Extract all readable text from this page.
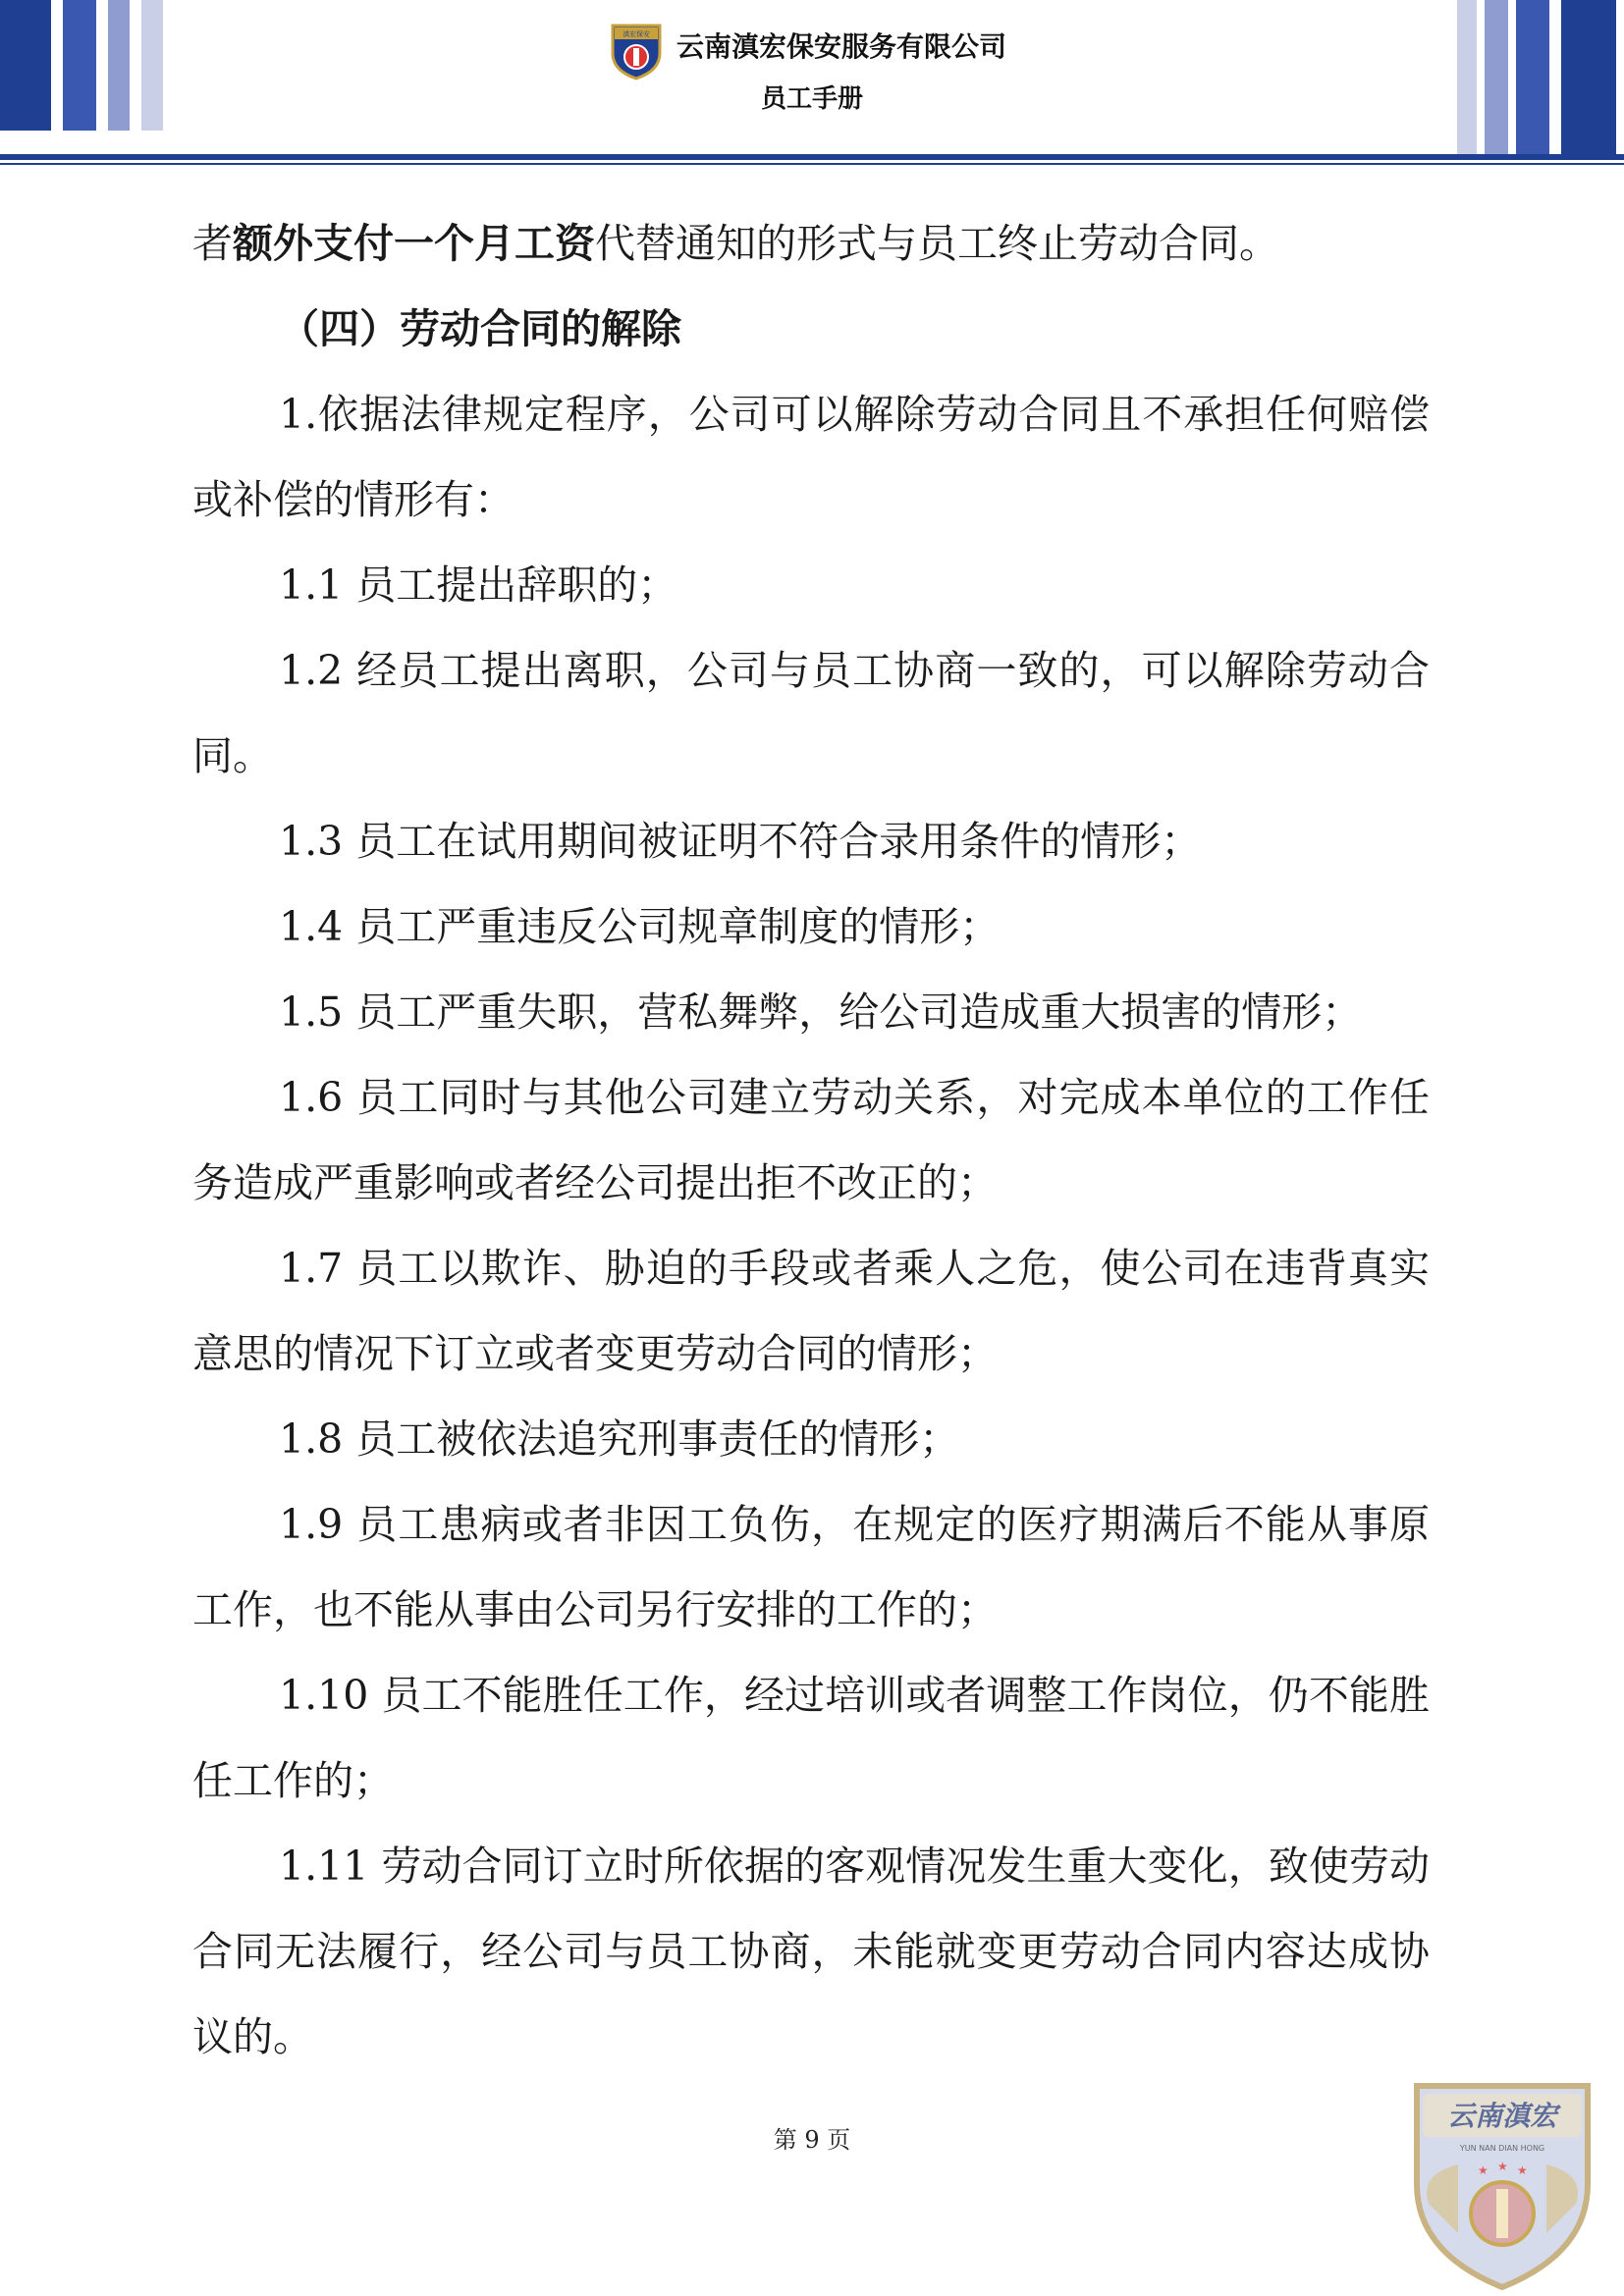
滇宏保安 云南滇宏保安服务有限公司
员工手册

者额外支付一个月工资代替通知的形式与员工终止劳动合同。

（四）劳动合同的解除

1.依据法律规定程序，公司可以解除劳动合同且不承担任何赔偿或补偿的情形有：

1.1 员工提出辞职的；

1.2 经员工提出离职，公司与员工协商一致的，可以解除劳动合同。

1.3 员工在试用期间被证明不符合录用条件的情形；

1.4 员工严重违反公司规章制度的情形；

1.5 员工严重失职，营私舞弊，给公司造成重大损害的情形；

1.6 员工同时与其他公司建立劳动关系，对完成本单位的工作任务造成严重影响或者经公司提出拒不改正的；

1.7 员工以欺诈、胁迫的手段或者乘人之危，使公司在违背真实意思的情况下订立或者变更劳动合同的情形；

1.8 员工被依法追究刑事责任的情形；

1.9 员工患病或者非因工负伤，在规定的医疗期满后不能从事原工作，也不能从事由公司另行安排的工作的；

1.10 员工不能胜任工作，经过培训或者调整工作岗位，仍不能胜任工作的；

1.11 劳动合同订立时所依据的客观情况发生重大变化，致使劳动合同无法履行，经公司与员工协商，未能就变更劳动合同内容达成协议的。

第 9 页
云南滇宏
YUN NAN DIAN HONG
★ ★ ★
